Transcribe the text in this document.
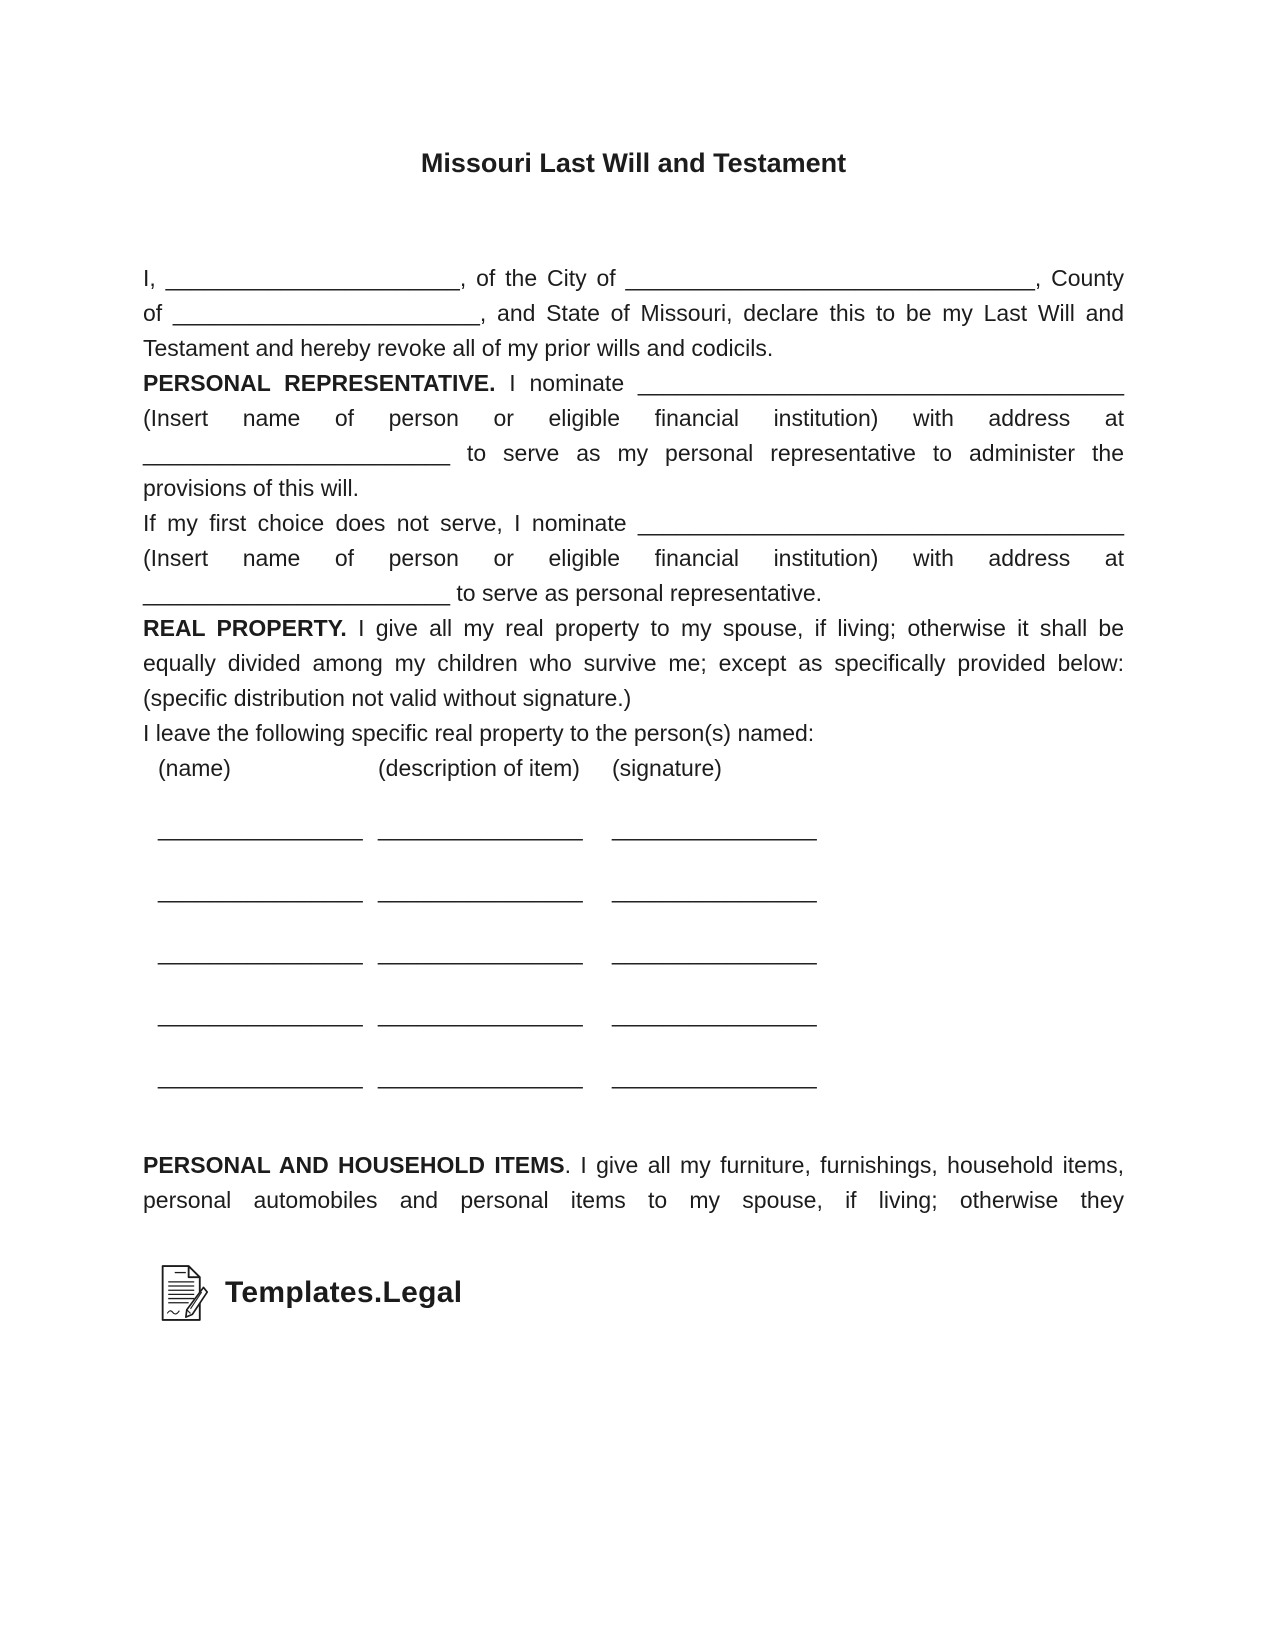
Missouri Last Will and Testament

I, _______________________, of the City of ________________________________, County of ________________________, and State of Missouri, declare this to be my Last Will and Testament and hereby revoke all of my prior wills and codicils.

PERSONAL REPRESENTATIVE. I nominate ______________________________________ (Insert name of person or eligible financial institution) with address at ________________________ to serve as my personal representative to administer the provisions of this will.

If my first choice does not serve, I nominate ______________________________________ (Insert name of person or eligible financial institution) with address at ________________________ to serve as personal representative.

REAL PROPERTY. I give all my real property to my spouse, if living; otherwise it shall be equally divided among my children who survive me; except as specifically provided below: (specific distribution not valid without signature.)

I leave the following specific real property to the person(s) named:

(name)	(description of item)	(signature)
________________ ________________	________________
________________ ________________	________________
________________ ________________	________________
________________ ________________	________________
________________ ________________	________________

PERSONAL AND HOUSEHOLD ITEMS. I give all my furniture, furnishings, household items, personal automobiles and personal items to my spouse, if living; otherwise they

Templates.Legal
